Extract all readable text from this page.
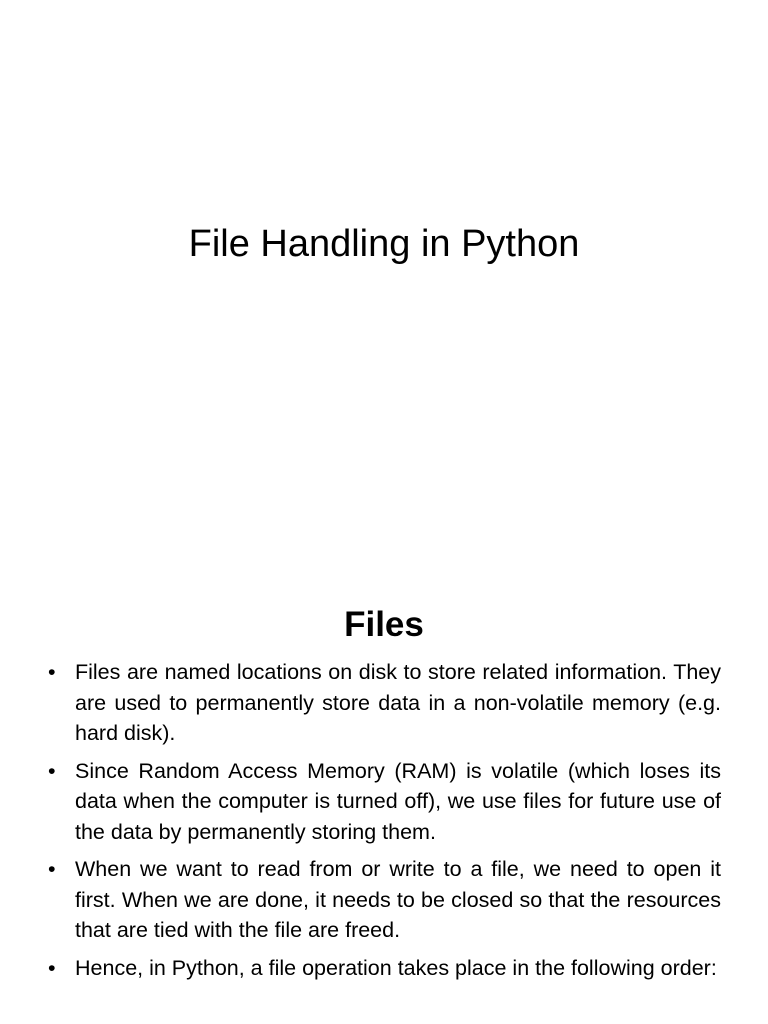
File Handling in Python
Files
• Files are named locations on disk to store related information. They are used to permanently store data in a non-volatile memory (e.g. hard disk).
• Since Random Access Memory (RAM) is volatile (which loses its data when the computer is turned off), we use files for future use of the data by permanently storing them.
• When we want to read from or write to a file, we need to open it first. When we are done, it needs to be closed so that the resources that are tied with the file are freed.
• Hence, in Python, a file operation takes place in the following order:
